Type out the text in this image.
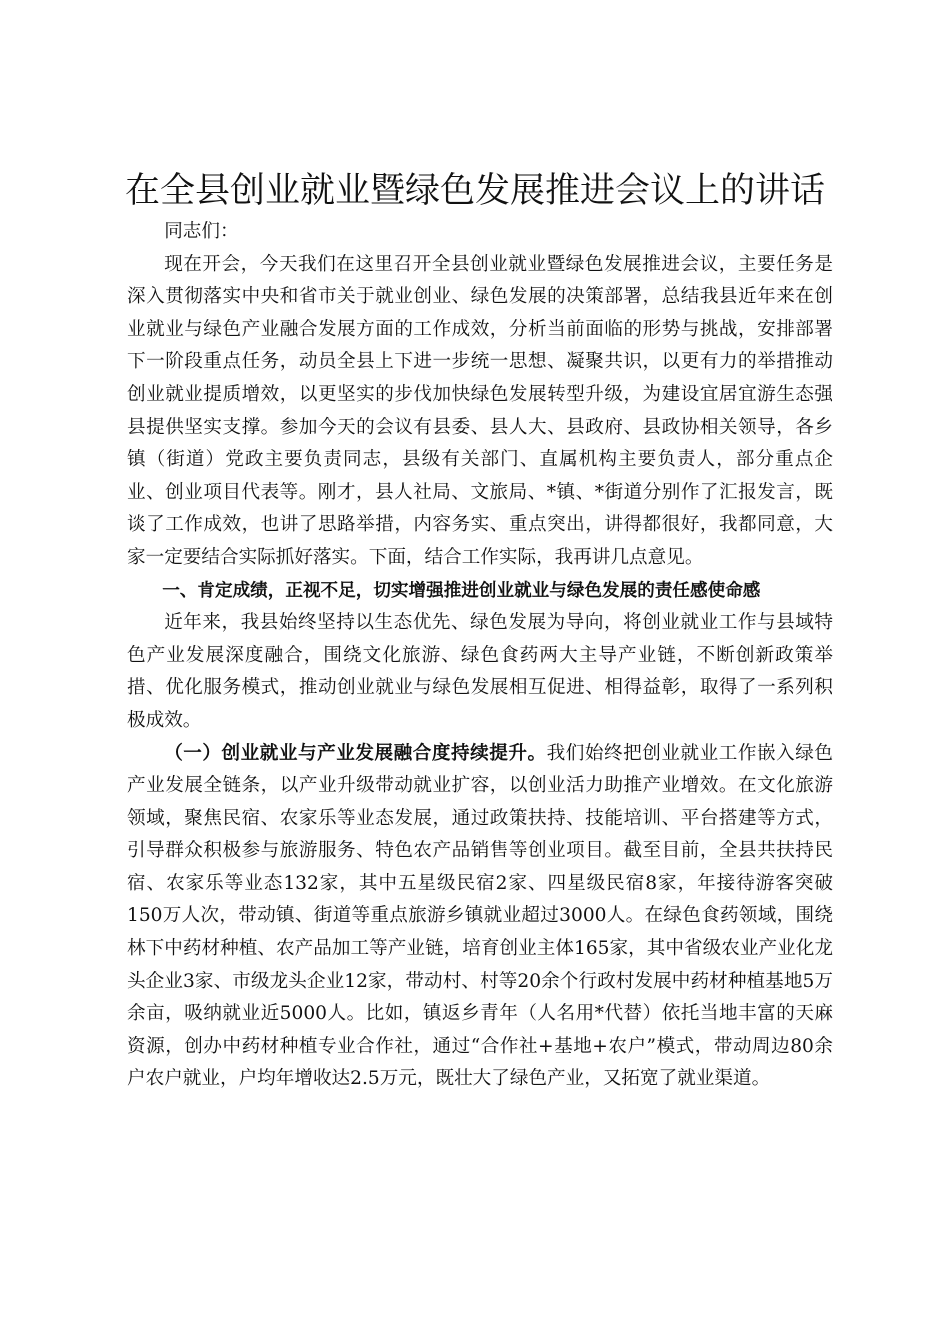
在全县创业就业暨绿色发展推进会议上的讲话

同志们：

现在开会，今天我们在这里召开全县创业就业暨绿色发展推进会议，主要任务是深入贯彻落实中央和省市关于就业创业、绿色发展的决策部署，总结我县近年来在创业就业与绿色产业融合发展方面的工作成效，分析当前面临的形势与挑战，安排部署下一阶段重点任务，动员全县上下进一步统一思想、凝聚共识，以更有力的举措推动创业就业提质增效，以更坚实的步伐加快绿色发展转型升级，为建设宜居宜游生态强县提供坚实支撑。参加今天的会议有县委、县人大、县政府、县政协相关领导，各乡镇（街道）党政主要负责同志，县级有关部门、直属机构主要负责人，部分重点企业、创业项目代表等。刚才，县人社局、文旅局、*镇、*街道分别作了汇报发言，既谈了工作成效，也讲了思路举措，内容务实、重点突出，讲得都很好，我都同意，大家一定要结合实际抓好落实。下面，结合工作实际，我再讲几点意见。

一、肯定成绩，正视不足，切实增强推进创业就业与绿色发展的责任感使命感

近年来，我县始终坚持以生态优先、绿色发展为导向，将创业就业工作与县域特色产业发展深度融合，围绕文化旅游、绿色食药两大主导产业链，不断创新政策举措、优化服务模式，推动创业就业与绿色发展相互促进、相得益彰，取得了一系列积极成效。

（一）创业就业与产业发展融合度持续提升。我们始终把创业就业工作嵌入绿色产业发展全链条，以产业升级带动就业扩容，以创业活力助推产业增效。在文化旅游领域，聚焦民宿、农家乐等业态发展，通过政策扶持、技能培训、平台搭建等方式，引导群众积极参与旅游服务、特色农产品销售等创业项目。截至目前，全县共扶持民宿、农家乐等业态132家，其中五星级民宿2家、四星级民宿8家，年接待游客突破150万人次，带动镇、街道等重点旅游乡镇就业超过3000人。在绿色食药领域，围绕林下中药材种植、农产品加工等产业链，培育创业主体165家，其中省级农业产业化龙头企业3家、市级龙头企业12家，带动村、村等20余个行政村发展中药材种植基地5万余亩，吸纳就业近5000人。比如，镇返乡青年（人名用*代替）依托当地丰富的天麻资源，创办中药材种植专业合作社，通过“合作社+基地+农户”模式，带动周边80余户农户就业，户均年增收达2.5万元，既壮大了绿色产业，又拓宽了就业渠道。
